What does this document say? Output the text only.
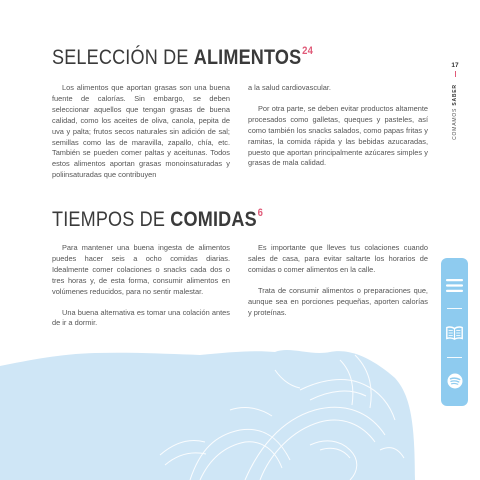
SELECCIÓN DE ALIMENTOS$^{24}$

Los alimentos que aportan grasas son una buena fuente de calorías. Sin embargo, se deben seleccionar aquellos que tengan grasas de buena calidad, como los aceites de oliva, canola, pepita de uva y palta; frutos secos naturales sin adición de sal; semillas como las de maravilla, zapallo, chía, etc. También se pueden comer paltas y aceitunas. Todos estos alimentos aportan grasas monoinsaturadas y poliinsaturadas que contribuyen

a la salud cardiovascular.

Por otra parte, se deben evitar productos altamente procesados como galletas, queques y pasteles, así como también los snacks salados, como papas fritas y ramitas, la comida rápida y las bebidas azucaradas, puesto que aportan principalmente azúcares simples y grasas de mala calidad.

TIEMPOS DE COMIDAS$^6$

Para mantener una buena ingesta de alimentos puedes hacer seis a ocho comidas diarias. Idealmente comer colaciones o snacks cada dos o tres horas y, de esta forma, consumir alimentos en volúmenes reducidos, para no sentir malestar.

Una buena alternativa es tomar una colación antes de ir a dormir.

Es importante que lleves tus colaciones cuando sales de casa, para evitar saltarte los horarios de comidas o comer alimentos en la calle.

Trata de consumir alimentos o preparaciones que, aunque sea en porciones pequeñas, aporten calorías y proteínas.

17
COMAMOS SABER
